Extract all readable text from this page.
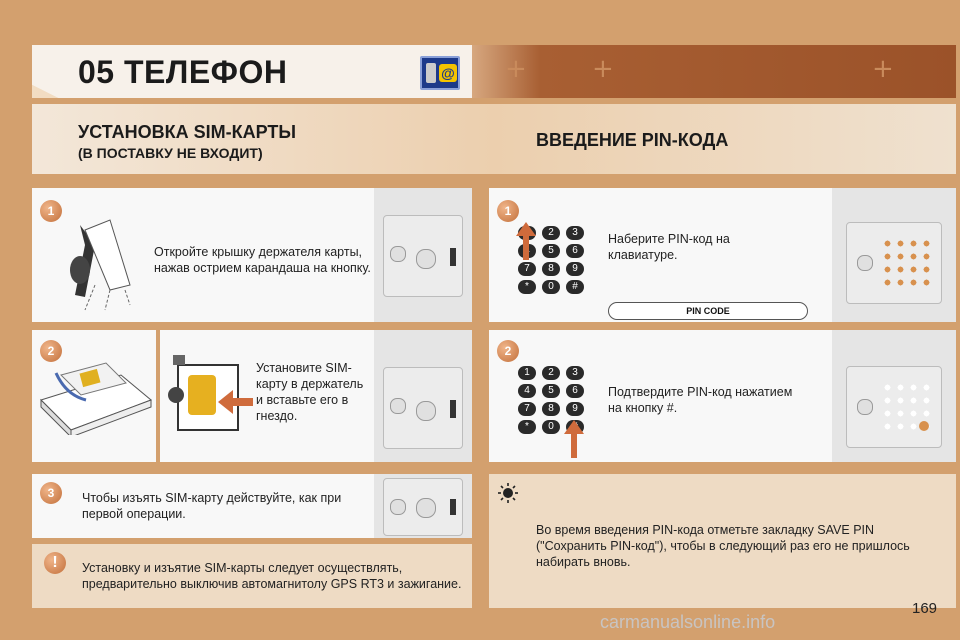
05 ТЕЛЕФОН	@ +	+	+
УСТАНОВКА SIM-КАРТЫ
(В ПОСТАВКУ НЕ ВХОДИТ)
ВВЕДЕНИЕ PIN-КОДА
1
Откройте крышку держателя карты, нажав острием карандаша на кнопку.
2
Установите SIM-карту в держатель и вставьте его в гнездо.
3	Чтобы изъять SIM-карту действуйте, как при первой операции.
!	Установку и изъятие SIM-карты следует осуществлять, предварительно выключив автомагнитолу GPS RT3 и зажигание.
1
2	3
5	6
7	8	9
*	0	#
Наберите PIN-код на клавиатуре.
PIN CODE
2
1	2	3
4	5	6
7	8	9
*	0
Подтвердите PIN-код нажатием на кнопку #.
Во время введения PIN-кода отметьте закладку SAVE PIN ("Сохранить PIN-код"), чтобы в следующий раз его не пришлось набирать вновь.
169
carmanualsonline.info
